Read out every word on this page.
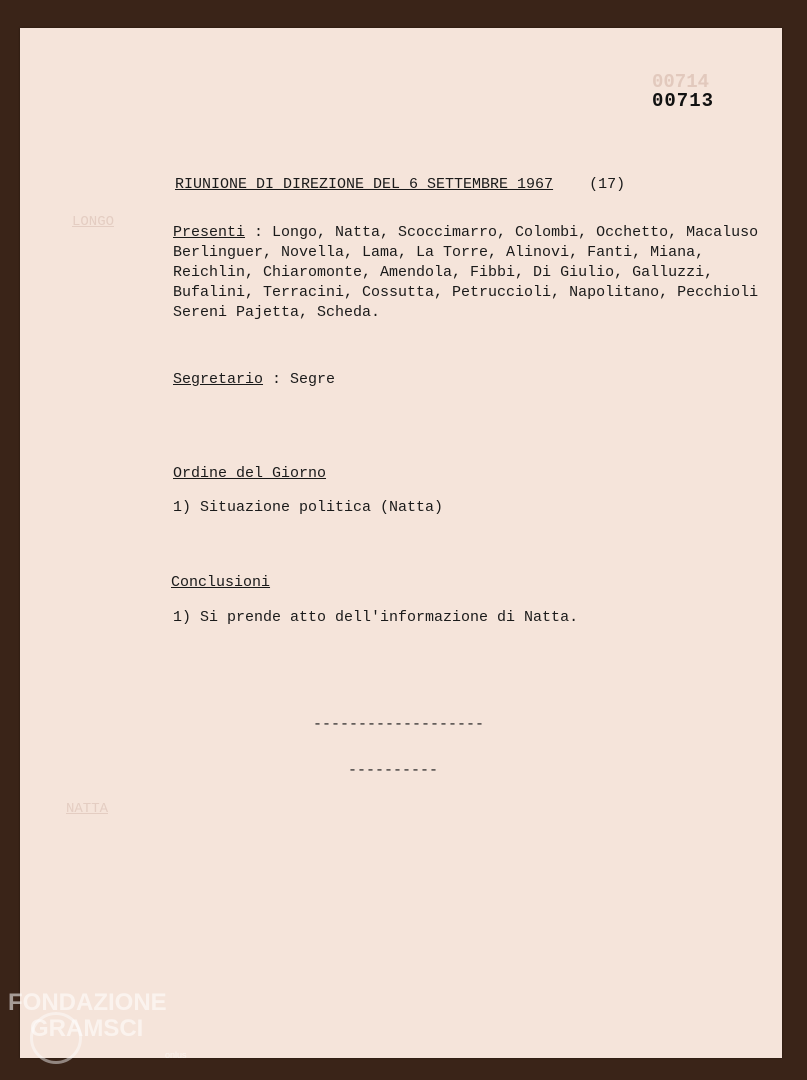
LONGO
NATTA
00714
00713
RIUNIONE DI DIREZIONE DEL 6 SETTEMBRE 1967 (17)
Presenti : Longo, Natta, Scoccimarro, Colombi, Occhetto, Macaluso
Berlinguer, Novella, Lama, La Torre, Alinovi, Fanti, Miana,
Reichlin, Chiaromonte, Amendola, Fibbi, Di Giulio, Galluzzi,
Bufalini, Terracini, Cossutta, Petruccioli, Napolitano, Pecchioli
Sereni Pajetta, Scheda.
Segretario : Segre
Ordine del Giorno
1) Situazione politica (Natta)
Conclusioni
1) Si prende atto dell'informazione di Natta.
-------------------
----------
FONDAZIONE
GRAMSCI
onlus
